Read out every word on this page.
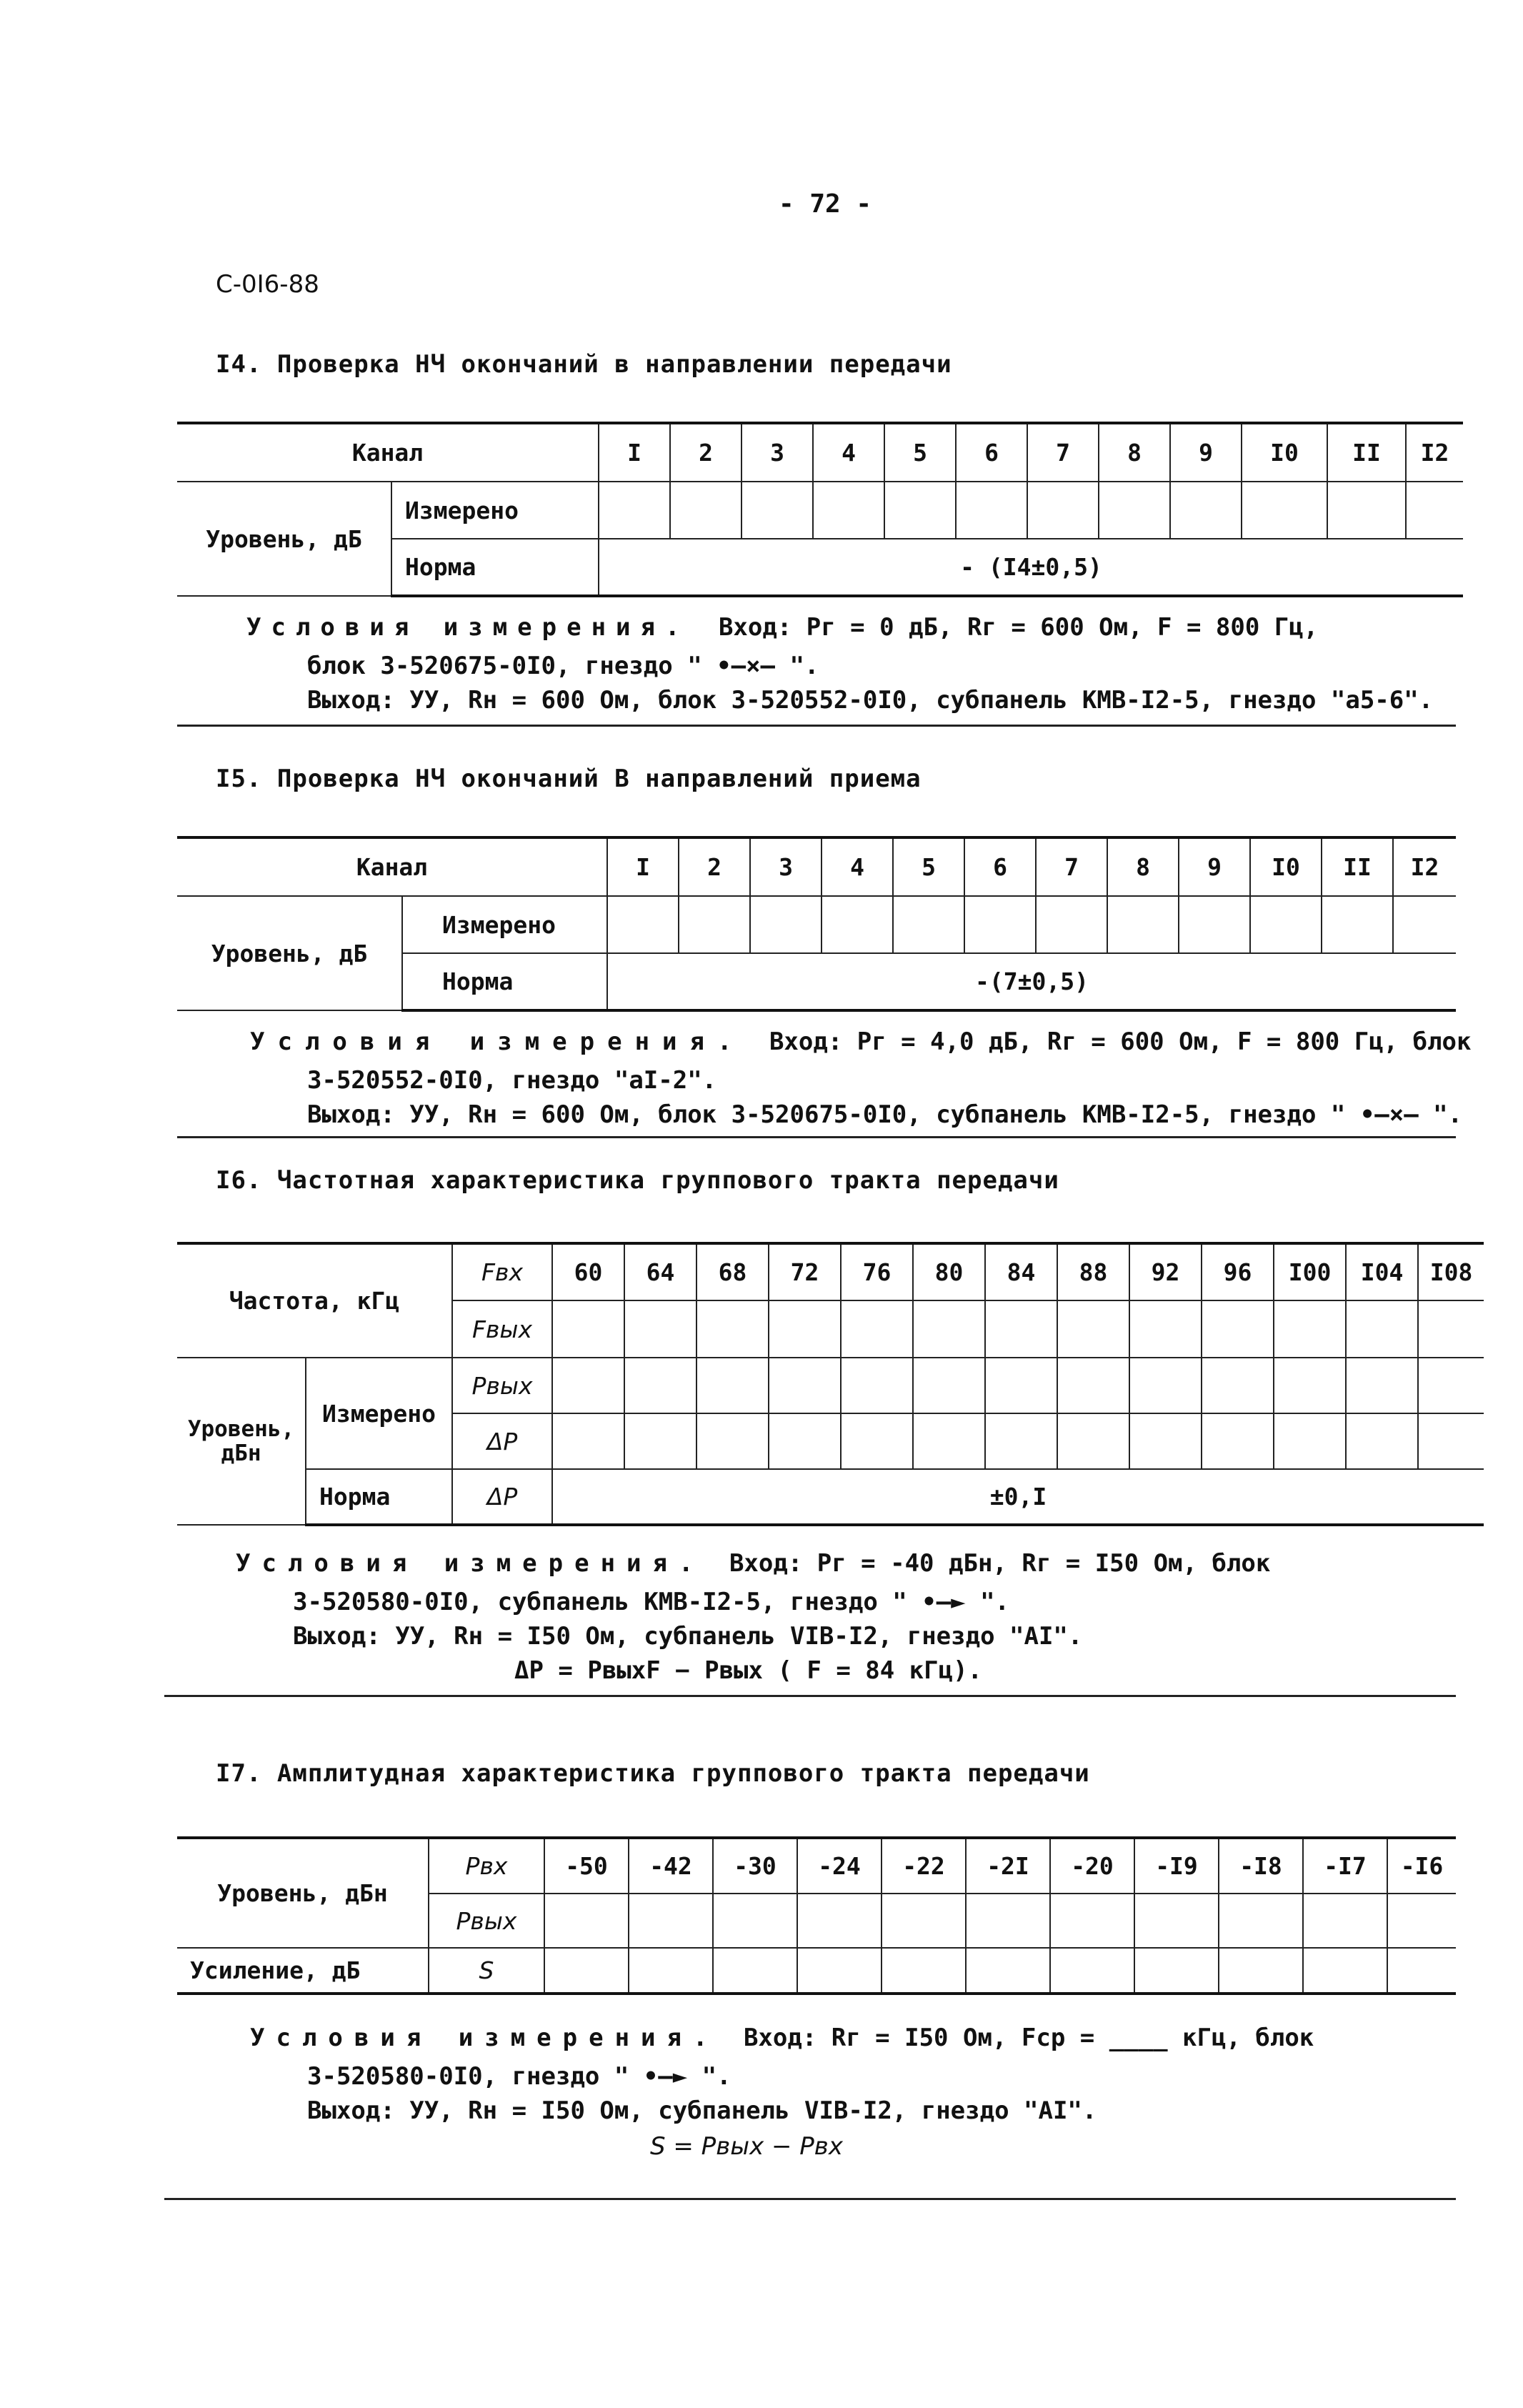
- 72 -
С-0I6-88
I4. Проверка НЧ окончаний в направлении передачи
Канал		I	2	3	4	5	6	7	8	9	I0	II	I2
Уровень, дБ	Измерено												
	Норма	- (I4±0,5)											
Условия измерения. Вход: Pг = 0 дБ, Rг = 600 Ом, F = 800 Гц,
блок 3-520675-0I0, гнездо " •—×— ".
Выход: УУ, Rн = 600 Ом, блок 3-520552-0I0, субпанель КМВ-I2-5, гнездо "а5-6".
I5. Проверка НЧ окончаний В направлений приема
Канал		I	2	3	4	5	6	7	8	9	I0	II	I2
Уровень, дБ	Измерено												
	Норма	-(7±0,5)											
Условия измерения. Вход: Pг = 4,0 дБ, Rг = 600 Ом, F = 800 Гц, блок
3-520552-0I0, гнездо "аI-2".
Выход: УУ, Rн = 600 Ом, блок 3-520675-0I0, субпанель КМВ-I2-5, гнездо " •—×— ".
I6. Частотная характеристика группового тракта передачи
Частота, кГц		Fвх	60	64	68	72	76	80	84	88	92	96	I00	I04	I08
		Fвых													
Уровень, дБн	Измерено	Pвых													
		ΔP													
	Норма	ΔP	±0,I												
Условия измерения. Вход: Pг = -40 дБн, Rг = I50 Ом, блок
3-520580-0I0, субпанель КМВ-I2-5, гнездо " •—► ".
Выход: УУ, Rн = I50 Ом, субпанель VIВ-I2, гнездо "АI".
ΔP = PвыхF − Pвых ( F = 84 кГц).
I7. Амплитудная характеристика группового тракта передачи
Уровень, дБн	Pвх	-50	-42	-30	-24	-22	-2I	-20	-I9	-I8	-I7	-I6
	Pвых											
Усиление, дБ	S											
Условия измерения. Вход: Rг = I50 Ом, Fср = ____ кГц, блок
3-520580-0I0, гнездо " •—► ".
Выход: УУ, Rн = I50 Ом, субпанель VIВ-I2, гнездо "АI".
S = Pвых − Pвх
